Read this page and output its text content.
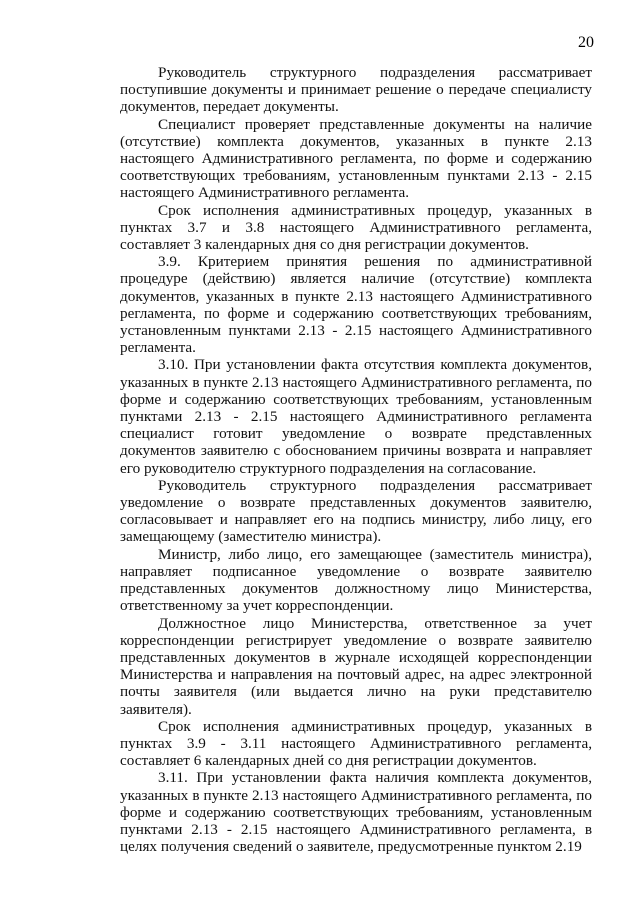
20

Руководитель структурного подразделения рассматривает поступившие документы и принимает решение о передаче специалисту документов, передает документы.

Специалист проверяет представленные документы на наличие (отсутствие) комплекта документов, указанных в пункте 2.13 настоящего Административного регламента, по форме и содержанию соответствующих требованиям, установленным пунктами 2.13 - 2.15 настоящего Административного регламента.

Срок исполнения административных процедур, указанных в пунктах 3.7 и 3.8 настоящего Административного регламента, составляет 3 календарных дня со дня регистрации документов.

3.9. Критерием принятия решения по административной процедуре (действию) является наличие (отсутствие) комплекта документов, указанных в пункте 2.13 настоящего Административного регламента, по форме и содержанию соответствующих требованиям, установленным пунктами 2.13 - 2.15 настоящего Административного регламента.

3.10. При установлении факта отсутствия комплекта документов, указанных в пункте 2.13 настоящего Административного регламента, по форме и содержанию соответствующих требованиям, установленным пунктами 2.13 - 2.15 настоящего Административного регламента специалист готовит уведомление о возврате представленных документов заявителю с обоснованием причины возврата и направляет его руководителю структурного подразделения на согласование.

Руководитель структурного подразделения рассматривает уведомление о возврате представленных документов заявителю, согласовывает и направляет его на подпись министру, либо лицу, его замещающему (заместителю министра).

Министр, либо лицо, его замещающее (заместитель министра), направляет подписанное уведомление о возврате заявителю представленных документов должностному лицо Министерства, ответственному за учет корреспонденции.

Должностное лицо Министерства, ответственное за учет корреспонденции регистрирует уведомление о возврате заявителю представленных документов в журнале исходящей корреспонденции Министерства и направления на почтовый адрес, на адрес электронной почты заявителя (или выдается лично на руки представителю заявителя).

Срок исполнения административных процедур, указанных в пунктах 3.9 - 3.11 настоящего Административного регламента, составляет 6 календарных дней со дня регистрации документов.

3.11. При установлении факта наличия комплекта документов, указанных в пункте 2.13 настоящего Административного регламента, по форме и содержанию соответствующих требованиям, установленным пунктами 2.13 - 2.15 настоящего Административного регламента, в целях получения сведений о заявителе, предусмотренные пунктом 2.19
